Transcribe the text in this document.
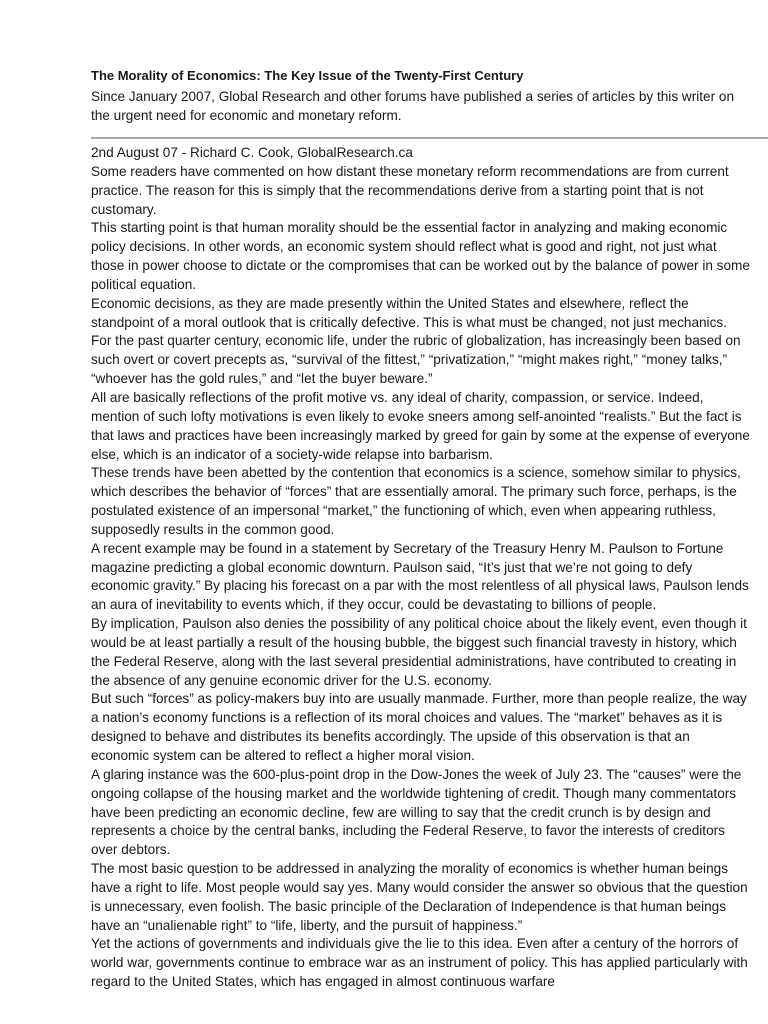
The Morality of Economics: The Key Issue of the Twenty-First Century
Since January 2007, Global Research and other forums have published a series of articles by this writer on the urgent need for economic and monetary reform.

2nd August 07 - Richard C. Cook, GlobalResearch.ca

Some readers have commented on how distant these monetary reform recommendations are from current practice. The reason for this is simply that the recommendations derive from a starting point that is not customary.

This starting point is that human morality should be the essential factor in analyzing and making economic policy decisions. In other words, an economic system should reflect what is good and right, not just what those in power choose to dictate or the compromises that can be worked out by the balance of power in some political equation.

Economic decisions, as they are made presently within the United States and elsewhere, reflect the standpoint of a moral outlook that is critically defective. This is what must be changed, not just mechanics.

For the past quarter century, economic life, under the rubric of globalization, has increasingly been based on such overt or covert precepts as, “survival of the fittest,” “privatization,” “might makes right,” “money talks,” “whoever has the gold rules,” and “let the buyer beware.”

All are basically reflections of the profit motive vs. any ideal of charity, compassion, or service. Indeed, mention of such lofty motivations is even likely to evoke sneers among self-anointed “realists.” But the fact is that laws and practices have been increasingly marked by greed for gain by some at the expense of everyone else, which is an indicator of a society-wide relapse into barbarism.

These trends have been abetted by the contention that economics is a science, somehow similar to physics, which describes the behavior of “forces” that are essentially amoral. The primary such force, perhaps, is the postulated existence of an impersonal “market,” the functioning of which, even when appearing ruthless, supposedly results in the common good.

A recent example may be found in a statement by Secretary of the Treasury Henry M. Paulson to Fortune magazine predicting a global economic downturn. Paulson said, “It’s just that we’re not going to defy economic gravity.” By placing his forecast on a par with the most relentless of all physical laws, Paulson lends an aura of inevitability to events which, if they occur, could be devastating to billions of people.

By implication, Paulson also denies the possibility of any political choice about the likely event, even though it would be at least partially a result of the housing bubble, the biggest such financial travesty in history, which the Federal Reserve, along with the last several presidential administrations, have contributed to creating in the absence of any genuine economic driver for the U.S. economy.

But such “forces” as policy-makers buy into are usually manmade. Further, more than people realize, the way a nation’s economy functions is a reflection of its moral choices and values. The “market” behaves as it is designed to behave and distributes its benefits accordingly. The upside of this observation is that an economic system can be altered to reflect a higher moral vision.

A glaring instance was the 600-plus-point drop in the Dow-Jones the week of July 23. The “causes” were the ongoing collapse of the housing market and the worldwide tightening of credit. Though many commentators have been predicting an economic decline, few are willing to say that the credit crunch is by design and represents a choice by the central banks, including the Federal Reserve, to favor the interests of creditors over debtors.

The most basic question to be addressed in analyzing the morality of economics is whether human beings have a right to life. Most people would say yes. Many would consider the answer so obvious that the question is unnecessary, even foolish. The basic principle of the Declaration of Independence is that human beings have an “unalienable right” to “life, liberty, and the pursuit of happiness.”

Yet the actions of governments and individuals give the lie to this idea. Even after a century of the horrors of world war, governments continue to embrace war as an instrument of policy. This has applied particularly with regard to the United States, which has engaged in almost continuous warfare
